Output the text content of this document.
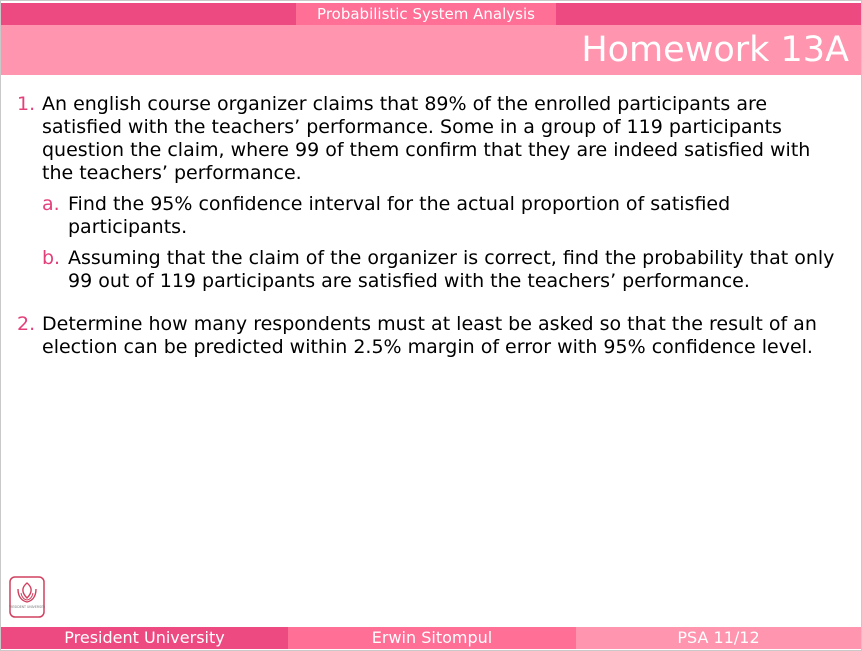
Probabilistic System Analysis
Homework 13A
1. An english course organizer claims that 89% of the enrolled participants are satisfied with the teachers’ performance. Some in a group of 119 participants question the claim, where 99 of them confirm that they are indeed satisfied with the teachers’ performance.
a. Find the 95% confidence interval for the actual proportion of satisfied participants.
b. Assuming that the claim of the organizer is correct, find the probability that only 99 out of 119 participants are satisfied with the teachers’ performance.
2. Determine how many respondents must at least be asked so that the result of an election can be predicted within 2.5% margin of error with 95% confidence level.
PRESIDENT UNIVERSITY
President University	Erwin Sitompul	PSA 11/12
